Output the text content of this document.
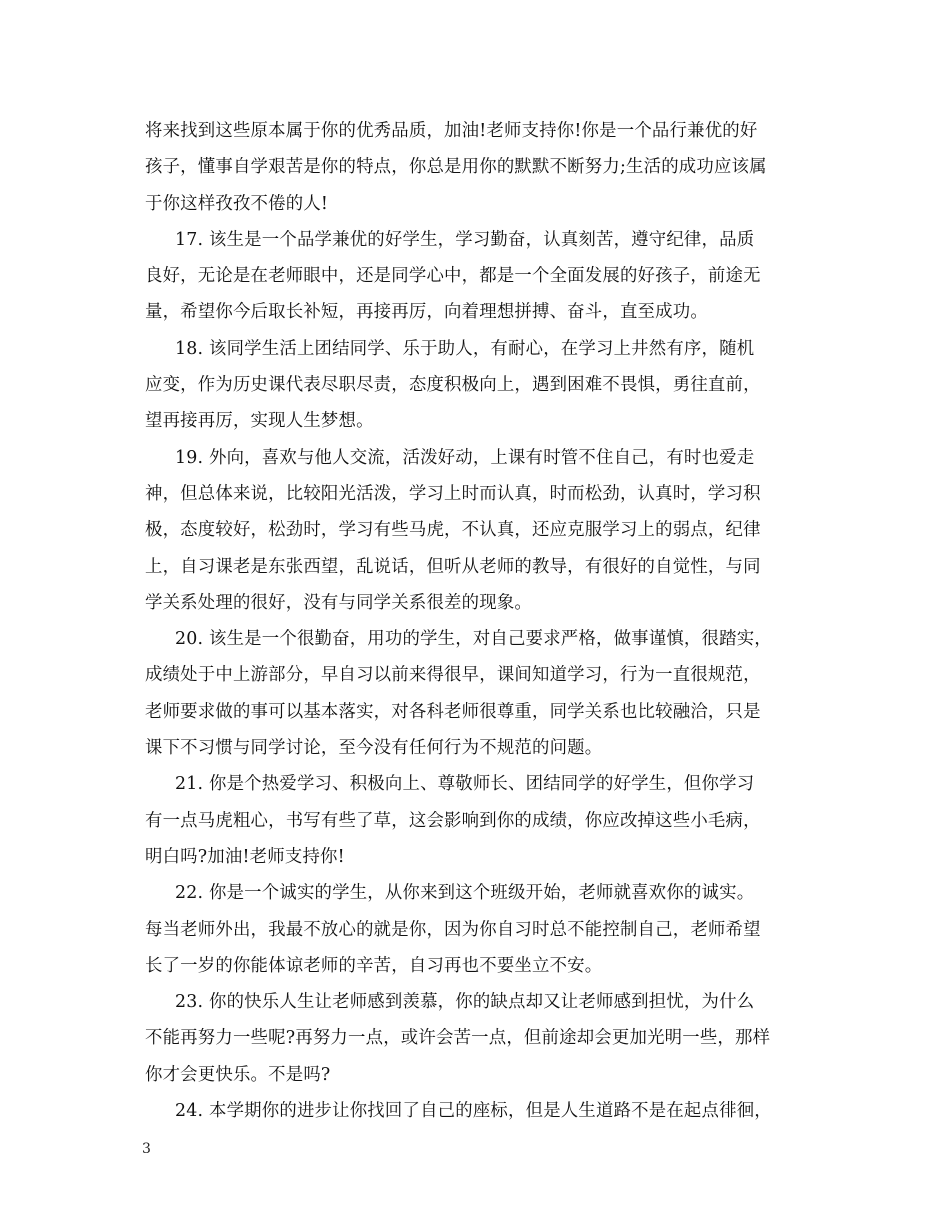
将来找到这些原本属于你的优秀品质，加油!老师支持你!你是一个品行兼优的好
孩子，懂事自学艰苦是你的特点，你总是用你的默默不断努力;生活的成功应该属
于你这样孜孜不倦的人!
17. 该生是一个品学兼优的好学生，学习勤奋，认真刻苦，遵守纪律，品质
良好，无论是在老师眼中，还是同学心中，都是一个全面发展的好孩子，前途无
量，希望你今后取长补短，再接再厉，向着理想拼搏、奋斗，直至成功。
18. 该同学生活上团结同学、乐于助人，有耐心，在学习上井然有序，随机
应变，作为历史课代表尽职尽责，态度积极向上，遇到困难不畏惧，勇往直前，
望再接再厉，实现人生梦想。
19. 外向，喜欢与他人交流，活泼好动，上课有时管不住自己，有时也爱走
神，但总体来说，比较阳光活泼，学习上时而认真，时而松劲，认真时，学习积
极，态度较好，松劲时，学习有些马虎，不认真，还应克服学习上的弱点，纪律
上，自习课老是东张西望，乱说话，但听从老师的教导，有很好的自觉性，与同
学关系处理的很好，没有与同学关系很差的现象。
20. 该生是一个很勤奋，用功的学生，对自己要求严格，做事谨慎，很踏实，
成绩处于中上游部分，早自习以前来得很早，课间知道学习，行为一直很规范，
老师要求做的事可以基本落实，对各科老师很尊重，同学关系也比较融洽，只是
课下不习惯与同学讨论，至今没有任何行为不规范的问题。
21. 你是个热爱学习、积极向上、尊敬师长、团结同学的好学生，但你学习
有一点马虎粗心，书写有些了草，这会影响到你的成绩，你应改掉这些小毛病，
明白吗?加油!老师支持你!
22. 你是一个诚实的学生，从你来到这个班级开始，老师就喜欢你的诚实。
每当老师外出，我最不放心的就是你，因为你自习时总不能控制自己，老师希望
长了一岁的你能体谅老师的辛苦，自习再也不要坐立不安。
23. 你的快乐人生让老师感到羡慕，你的缺点却又让老师感到担忧，为什么
不能再努力一些呢?再努力一点，或许会苦一点，但前途却会更加光明一些，那样
你才会更快乐。不是吗?
24. 本学期你的进步让你找回了自己的座标，但是人生道路不是在起点徘徊，
3
